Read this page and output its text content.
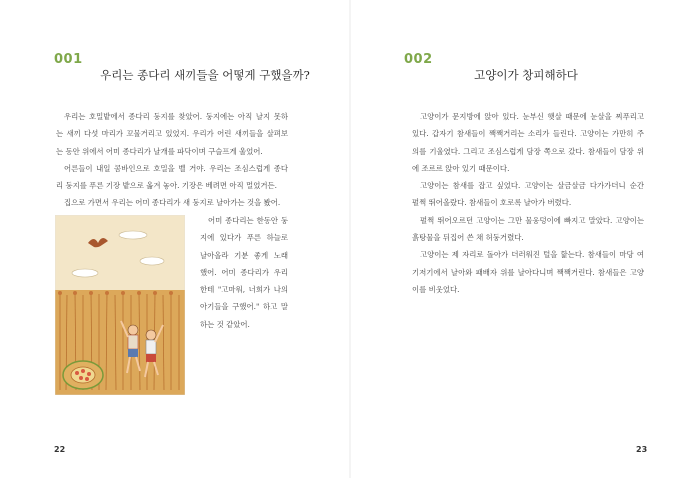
001
우리는 종다리 새끼들을 어떻게 구했을까?

우리는 호밀밭에서 종다리 둥지를 찾았어. 둥지에는 아직 날지 못하

는 새끼 다섯 마리가 꼬물거리고 있었지. 우리가 어린 새끼들을 살펴보

는 동안 위에서 어미 종다리가 날개를 파닥이며 구슬프게 울었어.

어른들이 내일 콤바인으로 호밀을 벨 거야. 우리는 조심스럽게 종다

리 둥지를 푸른 기장 밭으로 옮겨 놓아. 기장은 베려면 아직 멀었거든.

집으로 가면서 우리는 어미 종다리가 새 둥지로 날아가는 것을 봤어.

어미 종다리는 한동안 둥

지에 있다가 푸른 하늘로

날아올라 기분 좋게 노래

했어. 어미 종다리가 우리

한테 "고마워, 너희가 나의

아기들을 구했어." 하고 말

하는 것 같았어.

22
002
고양이가 창피해하다

고양이가 문지방에 앉아 있다. 눈부신 햇살 때문에 눈살을 찌푸리고

있다. 갑자기 참새들이 짹짹거리는 소리가 들린다. 고양이는 가만히 주

의를 기울였다. 그리고 조심스럽게 담장 쪽으로 갔다. 참새들이 담장 위

에 조르르 앉아 있기 때문이다.

고양이는 참새를 잡고 싶었다. 고양이는 살금살금 다가가더니 순간

펄쩍 뛰어올랐다. 참새들이 호로록 날아가 버렸다.

펄쩍 뛰어오르던 고양이는 그만 물웅덩이에 빠지고 말았다. 고양이는

흙탕물을 뒤집어 쓴 채 허둥거렸다.

고양이는 제 자리로 돌아가 더러워진 털을 핥는다. 참새들이 마당 여

기저기에서 날아와 패배자 위를 날아다니며 짹짹거린다. 참새들은 고양

이를 비웃었다.

23
